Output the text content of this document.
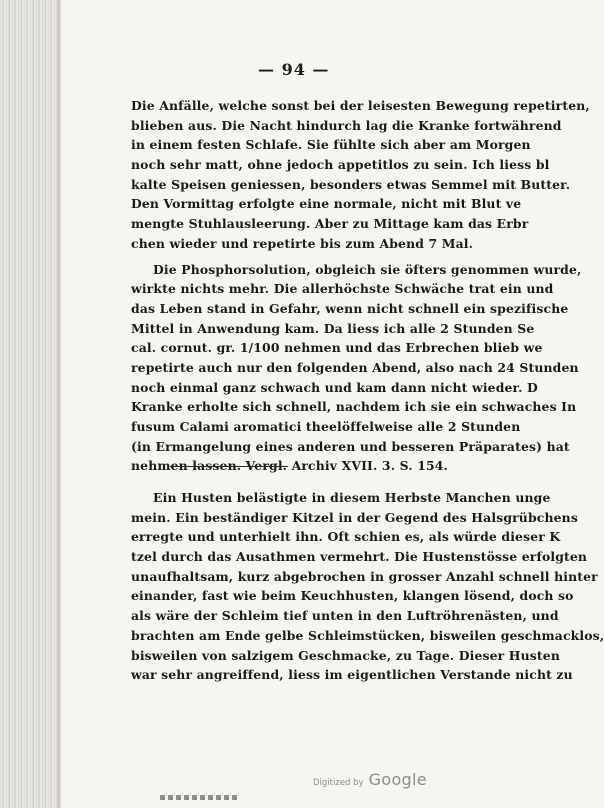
— 94 —
Die Anfälle, welche sonst bei der leisesten Bewegung repetirten,
blieben aus. Die Nacht hindurch lag die Kranke fortwährend
in einem festen Schlafe. Sie fühlte sich aber am Morgen
noch sehr matt, ohne jedoch appetitlos zu sein. Ich liess bl
kalte Speisen geniessen, besonders etwas Semmel mit Butter.
Den Vormittag erfolgte eine normale, nicht mit Blut ve
mengte Stuhlausleerung. Aber zu Mittage kam das Erbr
chen wieder und repetirte bis zum Abend 7 Mal.
Die Phosphorsolution, obgleich sie öfters genommen wurde,
wirkte nichts mehr. Die allerhöchste Schwäche trat ein und
das Leben stand in Gefahr, wenn nicht schnell ein spezifische
Mittel in Anwendung kam. Da liess ich alle 2 Stunden Se
cal. cornut. gr. 1/100 nehmen und das Erbrechen blieb we
repetirte auch nur den folgenden Abend, also nach 24 Stunden
noch einmal ganz schwach und kam dann nicht wieder. D
Kranke erholte sich schnell, nachdem ich sie ein schwaches In
fusum Calami aromatici theelöffelweise alle 2 Stunden
(in Ermangelung eines anderen und besseren Präparates) hat
nehmen lassen. Vergl. Archiv XVII. 3. S. 154.
Ein Husten belästigte in diesem Herbste Manchen unge
mein. Ein beständiger Kitzel in der Gegend des Halsgrübchens
erregte und unterhielt ihn. Oft schien es, als würde dieser K
tzel durch das Ausathmen vermehrt. Die Hustenstösse erfolgten
unaufhaltsam, kurz abgebrochen in grosser Anzahl schnell hinter
einander, fast wie beim Keuchhusten, klangen lösend, doch so
als wäre der Schleim tief unten in den Luftröhrenästen, und
brachten am Ende gelbe Schleimstücken, bisweilen geschmacklos,
bisweilen von salzigem Geschmacke, zu Tage. Dieser Husten
war sehr angreiffend, liess im eigentlichen Verstande nicht zu
Digitized by Google
